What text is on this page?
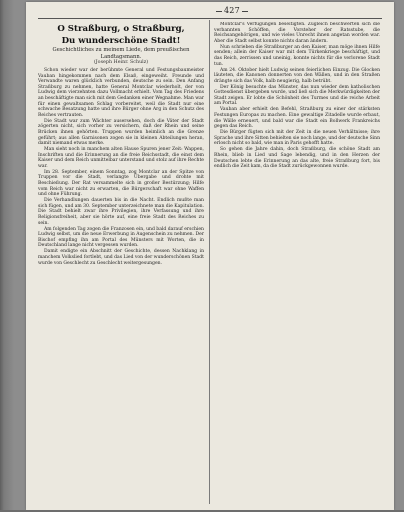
427
O Straßburg, o Straßburg,
Du wunderschöne Stadt!
Geschichtliches zu meinem Liede, dem preußischen Landtagsmann.
(Joseph Heinr. Schulz)

Schon wieder war der berühmte General und Festungsbaumeister Vauban hingekommen nach dem Elsaß, eingeweiht. Freunde und Verwandte waren glücklich verbunden, deutsche zu sein. Den Anfang Straßburg zu nehmen, hatte General Montclar wiederholt, der von Ludwig dem vierzehnten dazu Vollmacht erhielt. Vom Tag des Friedens an beschäftigte man sich mit dem Gedanken einer Wegnahme. Man war für einen gewaltsamen Schlag vorbereitet, weil die Stadt nur eine schwache Besatzung hatte und ihre Bürger ohne Arg in den Schutz des Reiches vertrauten.

Die Stadt war zum Wächter ausersehen, doch die Väter der Stadt zögerten nicht, sich vorher zu versichern, daß der Rhein und seine Brücken ihnen gehörten. Truppen wurden heimlich an die Grenze geführt; aus allen Garnisonen zogen sie in kleinen Abteilungen heran, damit niemand etwas merke.

Man sieht noch in manchem alten Hause Spuren jener Zeit: Wappen, Inschriften und die Erinnerung an die freie Reichsstadt, die einst dem Kaiser und dem Reich unmittelbar unterstand und stolz auf ihre Rechte war.

Im 28. September, einem Sonntag, zog Montclar an der Spitze von Truppen vor die Stadt, verlangte Übergabe und drohte mit Beschießung. Der Rat versammelte sich in großer Bestürzung; Hilfe vom Reich war nicht zu erwarten, die Bürgerschaft war ohne Waffen und ohne Führung.

Die Verhandlungen dauerten bis in die Nacht. Endlich mußte man sich fügen, und am 30. September unterzeichnete man die Kapitulation. Die Stadt behielt zwar ihre Privilegien, ihre Verfassung und ihre Religionsfreiheit, aber sie hörte auf, eine freie Stadt des Reiches zu sein.

Am folgenden Tag zogen die Franzosen ein, und bald darauf erschien Ludwig selbst, um die neue Erwerbung in Augenschein zu nehmen. Der Bischof empfing ihn am Portal des Münsters mit Worten, die in Deutschland lange nicht vergessen wurden.

Damit endigte ein Abschnitt der Geschichte, dessen Nachklang in manchem Volkslied fortlebt, und das Lied von der wunderschönen Stadt wurde von Geschlecht zu Geschlecht weitergesungen.

Montclar's Verfügungen beseitigten. Zugleich beschwerten sich die verbannten Schöffen, die Vorsteher der Ratsstube, die Reichsangehörigen, und wie vieles Unrecht ihnen angetan worden war. Aber die Stadt selbst konnte nichts daran ändern.

Nun schrieben die Straßburger an den Kaiser, man möge ihnen Hilfe senden; allein der Kaiser war mit dem Türkenkriege beschäftigt, und das Reich, zerrissen und uneinig, konnte nichts für die verlorene Stadt tun.

Am 24. Oktober hielt Ludwig seinen feierlichen Einzug. Die Glocken läuteten, die Kanonen donnerten von den Wällen, und in den Straßen drängte sich das Volk, halb neugierig, halb betrübt.

Der König besuchte das Münster, das nun wieder dem katholischen Gottesdienst übergeben wurde, und ließ sich die Merkwürdigkeiten der Stadt zeigen. Er lobte die Schönheit des Turmes und die reiche Arbeit am Portal.

Vauban aber erhielt den Befehl, Straßburg zu einer der stärksten Festungen Europas zu machen. Eine gewaltige Zitadelle wurde erbaut, die Wälle erneuert, und bald war die Stadt ein Bollwerk Frankreichs gegen das Reich.

Die Bürger fügten sich mit der Zeit in die neuen Verhältnisse; ihre Sprache und ihre Sitten behielten sie noch lange, und der deutsche Sinn erlosch nicht so bald, wie man in Paris gehofft hatte.

So gehen die Jahre dahin, doch Straßburg, die schöne Stadt am Rhein, blieb in Lied und Sage lebendig, und in den Herzen der Deutschen lebte die Erinnerung an das alte, freie Straßburg fort, bis endlich die Zeit kam, da die Stadt zurückgewonnen wurde.
